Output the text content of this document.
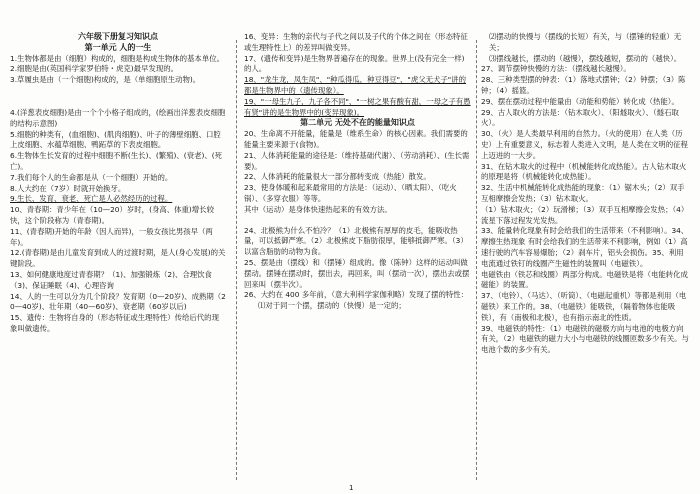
六年级下册复习知识点

第一单元 人的一生

1.生物体都是由（细胞）构成的，细胞是构成生物体的基本单位。

2.细胞是由(英国科学家罗伯特・虎克)最早发现的。

3.草履虫是由（一个细胞)构成的，是（单细胞原生动物)。

4.(洋葱表皮细胞)是由一个个小格子组成的，(绘画出洋葱表皮细胞的结构示意图)

5.细胞的种类有，(血细胞)、(肌肉细胞)、叶子的薄壁细胞、口腔上皮细胞、水蕴草细胞、鸭跖草的下表皮细胞。

6.生物体生长发育的过程中细胞不断(生长)、(繁殖)、(衰老)、(死亡)。

7.我们每个人的生命都是从（一个细胞）开始的。

8.人大约在（7岁）时就开始换牙。

9.生长、发育、衰老、死亡是人必然经历的过程。

10、青春期：青少年在（10—20）岁时，(身高、体重)增长较快，这个阶段称为（青春期)。

11、(青春期)开始的年龄（因人而异)，一般女孩比男孩早（两年)。

12.(青春期)是由儿童发育到成人的过渡时期，是人(身心发展)的关键阶段。

13、如何健康地度过青春期？（1)、加强锻炼（2)、合理饮食（3)、保证睡眠（4)、心理咨询

14、人的一生可以分为几个阶段？发育期（0—20岁)、成熟期（20—40岁)、壮年期（40—60岁)、衰老期（60岁以后)

15、遗传：生物将自身的（形态特征或生理特性）传给后代的现象叫做遗传。

16、变异：生物的亲代与子代之间以及子代的个体之间在（形态特征或生理特性上）的差异叫做变异。

17、(遗传和变异)是生物界普遍存在的现象。世界上(没有完全一样)的人。

18、"龙生龙，凤生凤"、"种瓜得瓜，种豆得豆"、"虎父无犬子"讲的都是生物界中的（遗传现象）。

19、"一母生九子，九子各不同"、"一树之果有酸有甜，一母之子有愚有贤"讲的是生物界中的(变异现象)。

第二单元 无处不在的能量知识点

20、生命离不开能量，能量是（维系生命）的核心因素。我们需要的能量主要来源于(食物)。

21、人体消耗能量的途径是:（维持基础代谢）、（劳动消耗）、(生长需要)。

22、人体消耗的能量很大一部分都转变成（热能）散发。

23、使身体暖和起来最常用的方法是：（运动）、（晒太阳）、（吃火锅）、（多穿衣服）等等。

其中（运动）是身体快速热起来的有效方法。

24、北极熊为什么不怕冷？（1）北极熊有厚厚的皮毛，能吸收热量，可以抵御严寒。（2）北极熊皮下脂肪很厚，能够抵御严寒。（3）以富含脂肪的动物为食。

25、摆是由（摆线）和（摆锤）组成的。像（陈钟）这样的运动叫做摆动。摆锤在摆动时，摆出去，再回来，叫（摆动一次），摆出去或摆回来叫（摆半次）。

26、大约在 400 多年前，（意大利科学家伽利略）发现了摆的特性：

⑴对于同一个摆，摆动的（快慢）是一定的；

⑵摆动的快慢与（摆线的长短）有关，与（摆锤的轻重）无关；

⑶摆线越长，摆动的（越慢），摆线越短，摆动的（越快）。

27、调节摆钟快慢的方法：（摆线越长越慢）。

28、三种类型摆的钟表：（1）落地式摆钟；（2）钟摆；（3）陈钟；（4）摇篮。

29、摆在摆动过程中能量由（动能和势能）转化成（热能）。

29、古人取火的方法是：（钻木取火）、（阳燧取火）、（燧石取火）。

30、（火）是人类最早利用的自然力。（火的使用）在人类（历史）上有重要意义，标志着人类进入文明，是人类在文明的征程上迈进的一大步。

31、在钻木取火的过程中（机械能转化成热能）。古人钻木取火的原理是将（机械能转化成热能）。

32、生活中机械能转化成热能的现象：（1）锯木头；（2）双手互相摩擦会发热；（3）钻木取火。

（1）钻木取火；（2）玩滑梯；（3）双手互相摩擦会发热；（4）流星下落过程发光发热。

33、能量转化现象有时会给我们的生活带来（不利影响）。34、摩擦生热现象 有时会给我们的生活带来不利影响，例如（1）高速行驶的汽车容易爆胎；（2）刹车片，铝头会损伤。35、利用电流通过铁钉的线圈产生磁性的装置叫（电磁铁）。

电磁铁由（铁芯和线圈）两部分构成。电磁铁是将（电能转化成磁能）的装置。

37、（电铃）、（马达）、（听筒）、（电磁起重机）等都是利用（电磁铁）来工作的。38、（电磁铁）能吸铁，（隔着物体也能吸铁），有（南极和北极），也有指示南北的性质。

39、电磁铁的特性：（1）电磁铁的磁极方向与电池的电极方向有关，（2）电磁铁的磁力大小与电磁铁的线圈匝数多少有关。与电池个数的多少有关。

1
